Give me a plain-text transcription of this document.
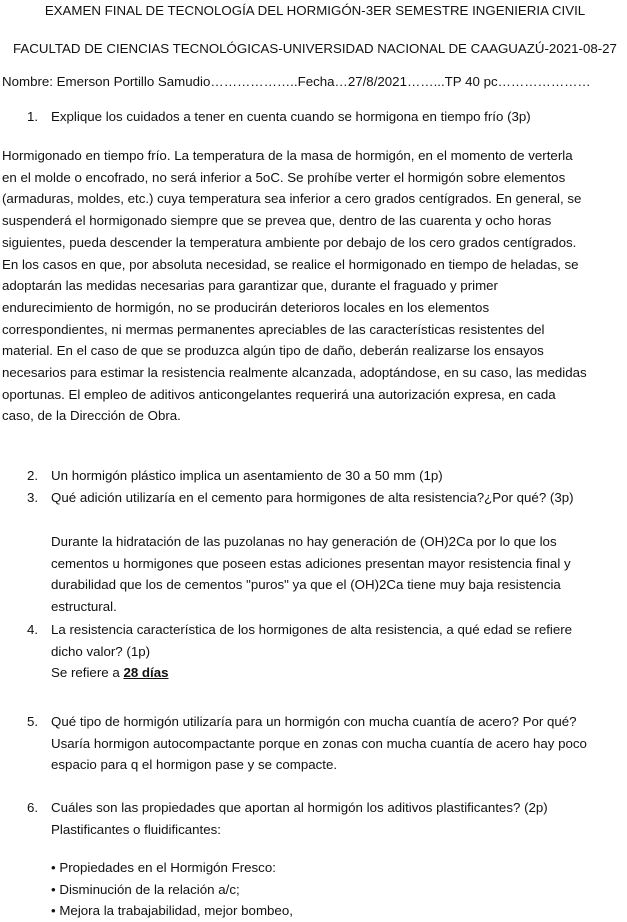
EXAMEN FINAL DE TECNOLOGÍA DEL HORMIGÓN-3ER SEMESTRE INGENIERIA CIVIL
FACULTAD DE CIENCIAS TECNOLÓGICAS-UNIVERSIDAD NACIONAL DE CAAGUAZÚ-2021-08-27
Nombre: Emerson Portillo Samudio………………..Fecha…27/8/2021……...TP 40 pc…………………
1. Explique los cuidados a tener en cuenta cuando se hormigona en tiempo frío (3p)
Hormigonado en tiempo frío. La temperatura de la masa de hormigón, en el momento de verterla
en el molde o encofrado, no será inferior a 5oC. Se prohíbe verter el hormigón sobre elementos
(armaduras, moldes, etc.) cuya temperatura sea inferior a cero grados centígrados. En general, se
suspenderá el hormigonado siempre que se prevea que, dentro de las cuarenta y ocho horas
siguientes, pueda descender la temperatura ambiente por debajo de los cero grados centígrados.
En los casos en que, por absoluta necesidad, se realice el hormigonado en tiempo de heladas, se
adoptarán las medidas necesarias para garantizar que, durante el fraguado y primer
endurecimiento de hormigón, no se producirán deterioros locales en los elementos
correspondientes, ni mermas permanentes apreciables de las características resistentes del
material. En el caso de que se produzca algún tipo de daño, deberán realizarse los ensayos
necesarios para estimar la resistencia realmente alcanzada, adoptándose, en su caso, las medidas
oportunas. El empleo de aditivos anticongelantes requerirá una autorización expresa, en cada
caso, de la Dirección de Obra.
2. Un hormigón plástico implica un asentamiento de 30 a 50 mm (1p)
3. Qué adición utilizaría en el cemento para hormigones de alta resistencia?¿Por qué? (3p)
Durante la hidratación de las puzolanas no hay generación de (OH)2Ca por lo que los
cementos u hormigones que poseen estas adiciones presentan mayor resistencia final y
durabilidad que los de cementos "puros" ya que el (OH)2Ca tiene muy baja resistencia
estructural.
4. La resistencia característica de los hormigones de alta resistencia, a qué edad se refiere
dicho valor? (1p)
Se refiere a 28 días
5. Qué tipo de hormigón utilizaría para un hormigón con mucha cuantía de acero? Por qué?
Usaría hormigon autocompactante porque en zonas con mucha cuantía de acero hay poco
espacio para q el hormigon pase y se compacte.
6. Cuáles son las propiedades que aportan al hormigón los aditivos plastificantes? (2p)
Plastificantes o fluidificantes:
• Propiedades en el Hormigón Fresco:
• Disminución de la relación a/c;
• Mejora la trabajabilidad, mejor bombeo,
